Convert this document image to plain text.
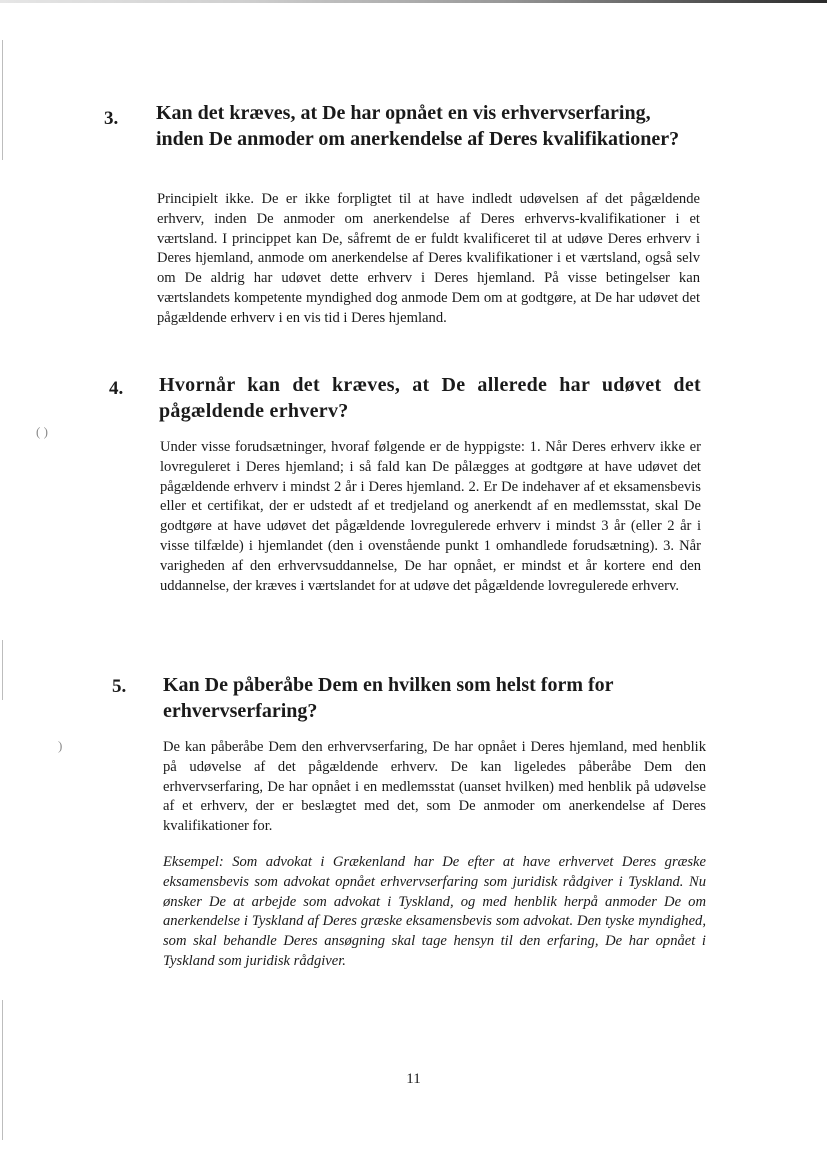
( )
)
3. Kan det kræves, at De har opnået en vis erhvervserfaring, inden De anmoder om anerkendelse af Deres kvalifikationer?

Principielt ikke. De er ikke forpligtet til at have indledt udøvelsen af det pågældende erhverv, inden De anmoder om anerkendelse af Deres erhvervs-kvalifikationer i et værtsland. I princippet kan De, såfremt de er fuldt kvalificeret til at udøve Deres erhverv i Deres hjemland, anmode om anerkendelse af Deres kvalifikationer i et værtsland, også selv om De aldrig har udøvet dette erhverv i Deres hjemland. På visse betingelser kan værtslandets kompetente myndighed dog anmode Dem om at godtgøre, at De har udøvet det pågældende erhverv i en vis tid i Deres hjemland.

4. Hvornår kan det kræves, at De allerede har udøvet det pågældende erhverv?

Under visse forudsætninger, hvoraf følgende er de hyppigste: 1. Når Deres erhverv ikke er lovreguleret i Deres hjemland; i så fald kan De pålægges at godtgøre at have udøvet det pågældende erhverv i mindst 2 år i Deres hjemland. 2. Er De indehaver af et eksamensbevis eller et certifikat, der er udstedt af et tredjeland og anerkendt af en medlemsstat, skal De godtgøre at have udøvet det pågældende lovregulerede erhverv i mindst 3 år (eller 2 år i visse tilfælde) i hjemlandet (den i ovenstående punkt 1 omhandlede forudsætning). 3. Når varigheden af den erhvervsuddannelse, De har opnået, er mindst et år kortere end den uddannelse, der kræves i værtslandet for at udøve det pågældende lovregulerede erhverv.

5. Kan De påberåbe Dem en hvilken som helst form for erhvervserfaring?

De kan påberåbe Dem den erhvervserfaring, De har opnået i Deres hjemland, med henblik på udøvelse af det pågældende erhverv. De kan ligeledes påberåbe Dem den erhvervserfaring, De har opnået i en medlemsstat (uanset hvilken) med henblik på udøvelse af et erhverv, der er beslægtet med det, som De anmoder om anerkendelse af Deres kvalifikationer for.

Eksempel: Som advokat i Grækenland har De efter at have erhvervet Deres græske eksamensbevis som advokat opnået erhvervserfaring som juridisk rådgiver i Tyskland. Nu ønsker De at arbejde som advokat i Tyskland, og med henblik herpå anmoder De om anerkendelse i Tyskland af Deres græske eksamensbevis som advokat. Den tyske myndighed, som skal behandle Deres ansøgning skal tage hensyn til den erfaring, De har opnået i Tyskland som juridisk rådgiver.

11
